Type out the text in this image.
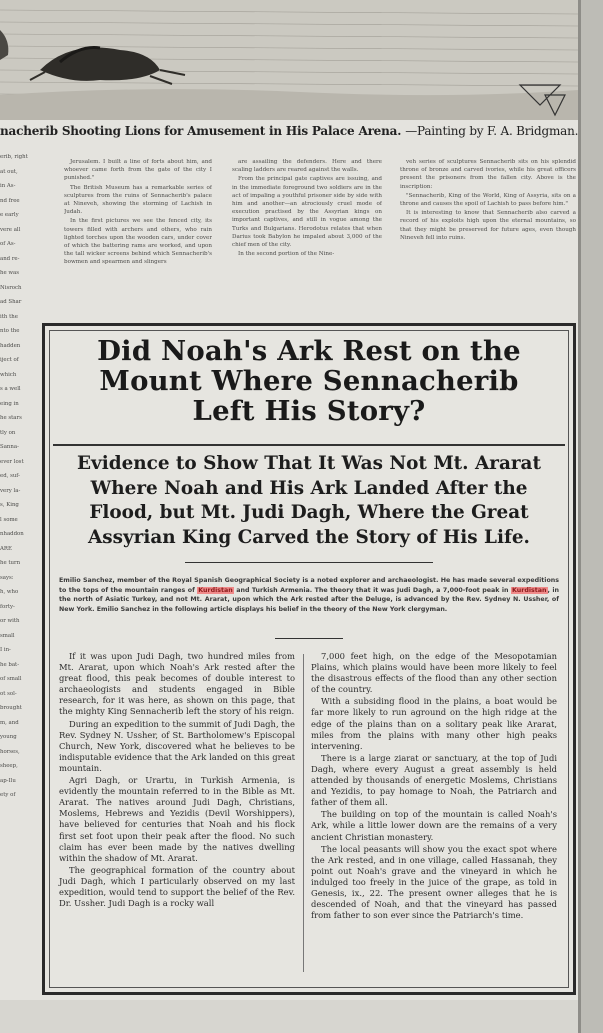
nacherib Shooting Lions for Amusement in His Palace Arena. —Painting by F. A. Bridgman.
erib, right
at out,
in As-
nd free
e early
vere all
of As-
and re-
he was
Nisroch
ad Shar
ith the
nto the
hadden
iject of
which
s a well
eing in
he stars
tly on
Sanna-
ever lost
ed, suf-
very la-
s, King
l some
nhaddon
ARE
he turn
says:
h, who
forty-
or with
small
I in-
he bat-
of small
ot sol-
brought
m, and
young
horses,
sheep,
ap-Ilu
ety of

Jerusalem. I built a line of forts about him, and whoever came forth from the gate of the city I punished."

The British Museum has a remarkable series of sculptures from the ruins of Sennacherib's palace at Nineveh, showing the storming of Lachish in Judah.

In the first pictures we see the fenced city, its towers filled with archers and others, who rain lighted torches upon the wooden cars, under cover of which the battering rams are worked, and upon the tall wicker screens behind which Sennacherib's bowmen and spearmen and slingers

are assailing the defenders. Here and there scaling ladders are reared against the walls.

From the principal gate captives are issuing, and in the immediate foreground two soldiers are in the act of impaling a youthful prisoner side by side with him and another—an atrociously cruel mode of execution practised by the Assyrian kings on important captives, and still in vogue among the Turks and Bulgarians. Herodotus relates that when Darius took Babylon he impaled about 3,000 of the chief men of the city.

In the second portion of the Nine-

veh series of sculptures Sennacherib sits on his splendid throne of bronze and carved ivories, while his great officers present the prisoners from the fallen city. Above is the inscription:

"Sennacherib, King of the World, King of Assyria, sits on a throne and causes the spoil of Lachish to pass before him."

It is interesting to know that Sennacherib also carved a record of his exploits high upon the eternal mountains, so that they might be preserved for future ages, even though Nineveh fell into ruins.

Did Noah's Ark Rest on the
Mount Where Sennacherib
Left His Story?
Evidence to Show That It Was Not Mt. Ararat
Where Noah and His Ark Landed After the
Flood, but Mt. Judi Dagh, Where the Great
Assyrian King Carved the Story of His Life.
Emilio Sanchez, member of the Royal Spanish Geographical Society is a noted explorer and archaeologist. He has made several expeditions to the tops of the mountain ranges of Kurdistan and Turkish Armenia. The theory that it was Judi Dagh, a 7,000-foot peak in Kurdistan, in the north of Asiatic Turkey, and not Mt. Ararat, upon which the Ark rested after the Deluge, is advanced by the Rev. Sydney N. Ussher, of New York. Emilio Sanchez in the following article displays his belief in the theory of the New York clergyman.

If it was upon Judi Dagh, two hundred miles from Mt. Ararat, upon which Noah's Ark rested after the great flood, this peak becomes of double interest to archaeologists and students engaged in Bible research, for it was here, as shown on this page, that the mighty King Sennacherib left the story of his reign.

During an expedition to the summit of Judi Dagh, the Rev. Sydney N. Ussher, of St. Bartholomew's Episcopal Church, New York, discovered what he believes to be indisputable evidence that the Ark landed on this great mountain.

Agri Dagh, or Urartu, in Turkish Armenia, is evidently the mountain referred to in the Bible as Mt. Ararat. The natives around Judi Dagh, Christians, Moslems, Hebrews and Yezidis (Devil Worshippers), have believed for centuries that Noah and his flock first set foot upon their peak after the flood. No such claim has ever been made by the natives dwelling within the shadow of Mt. Ararat.

The geographical formation of the country about Judi Dagh, which I particularly observed on my last expedition, would tend to support the belief of the Rev. Dr. Ussher. Judi Dagh is a rocky wall

7,000 feet high, on the edge of the Mesopotamian Plains, which plains would have been more likely to feel the disastrous effects of the flood than any other section of the country.

With a subsiding flood in the plains, a boat would be far more likely to run aground on the high ridge at the edge of the plains than on a solitary peak like Ararat, miles from the plains with many other high peaks intervening.

There is a large ziarat or sanctuary, at the top of Judi Dagh, where every August a great assembly is held attended by thousands of energetic Moslems, Christians and Yezidis, to pay homage to Noah, the Patriarch and father of them all.

The building on top of the mountain is called Noah's Ark, while a little lower down are the remains of a very ancient Christian monastery.

The local peasants will show you the exact spot where the Ark rested, and in one village, called Hassanah, they point out Noah's grave and the vineyard in which he indulged too freely in the juice of the grape, as told in Genesis, ix., 22. The present owner alleges that he is descended of Noah, and that the vineyard has passed from father to son ever since the Patriarch's time.
